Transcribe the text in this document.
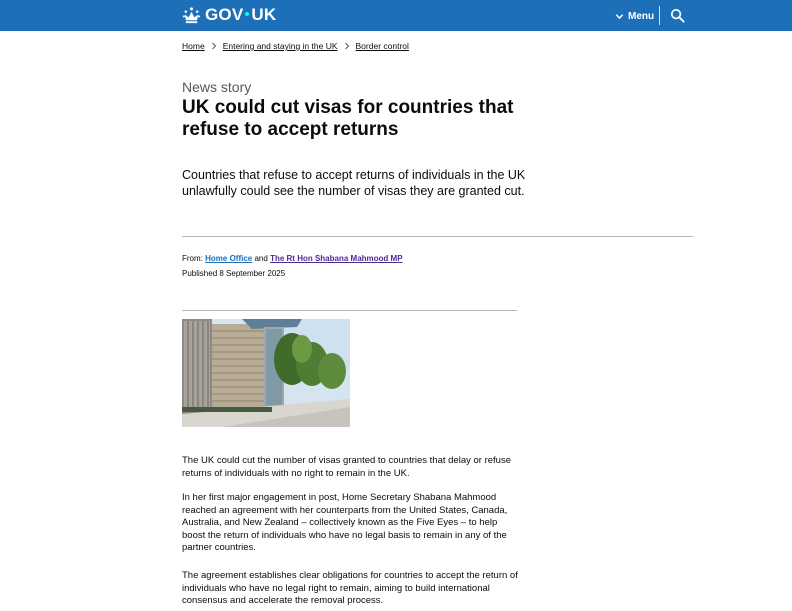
GOV UK	Menu
Home Entering and staying in the UK Border control
News story
UK could cut visas for countries that refuse to accept returns

Countries that refuse to accept returns of individuals in the UK unlawfully could see the number of visas they are granted cut.

From: Home Office and The Rt Hon Shabana Mahmood MP
Published 8 September 2025

The UK could cut the number of visas granted to countries that delay or refuse returns of individuals with no right to remain in the UK.

In her first major engagement in post, Home Secretary Shabana Mahmood reached an agreement with her counterparts from the United States, Canada, Australia, and New Zealand – collectively known as the Five Eyes – to help boost the return of individuals who have no legal basis to remain in any of the partner countries.

The agreement establishes clear obligations for countries to accept the return of individuals who have no legal right to remain, aiming to build international consensus and accelerate the removal process.
